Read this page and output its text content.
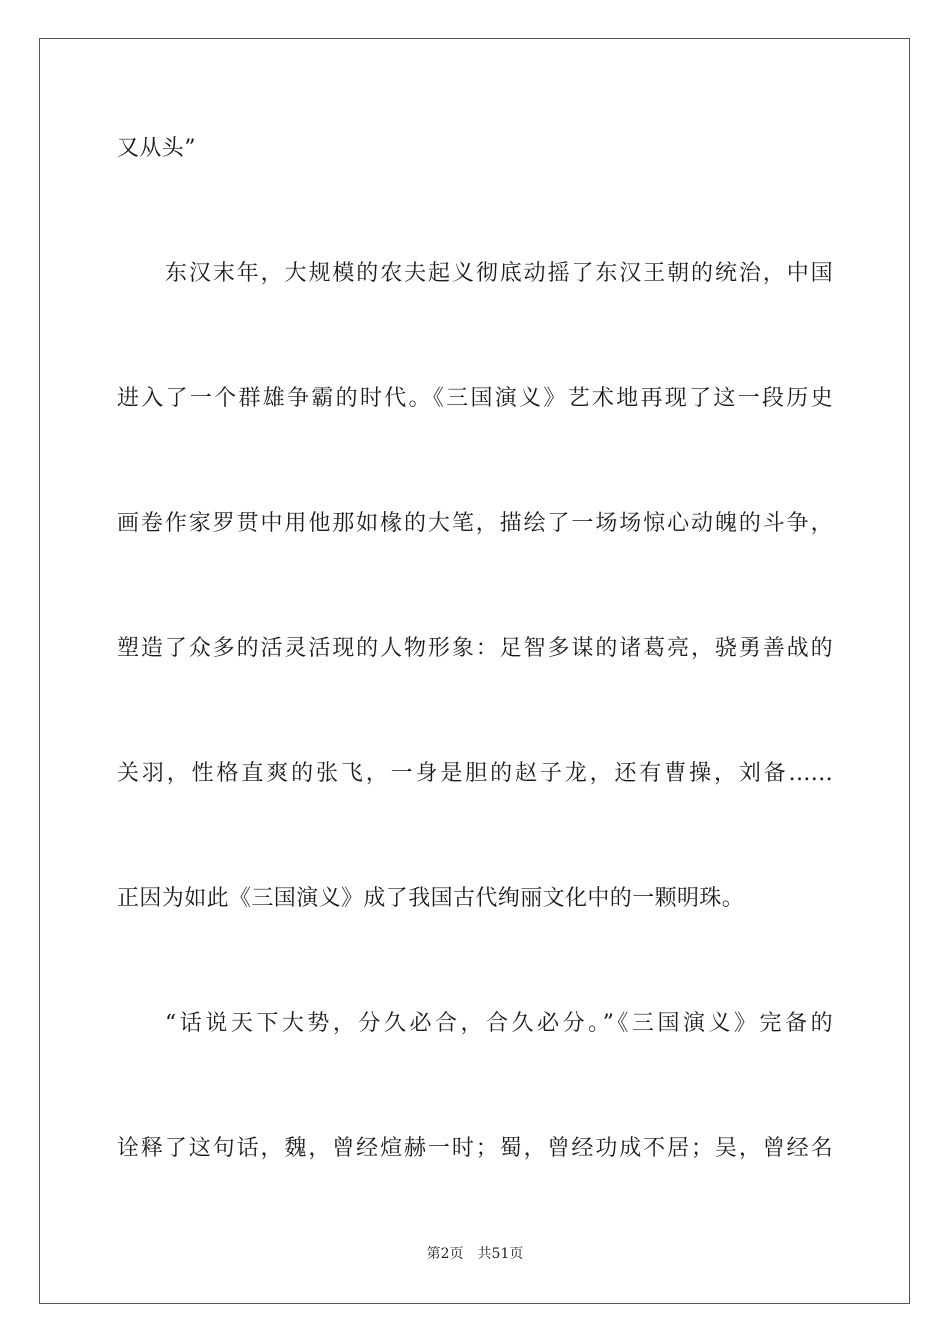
又从头”
东汉末年，大规模的农夫起义彻底动摇了东汉王朝的统治，中国
进入了一个群雄争霸的时代。《三国演义》艺术地再现了这一段历史
画卷作家罗贯中用他那如椽的大笔，描绘了一场场惊心动魄的斗争，
塑造了众多的活灵活现的人物形象：足智多谋的诸葛亮，骁勇善战的
关羽，性格直爽的张飞，一身是胆的赵子龙，还有曹操，刘备......
正因为如此《三国演义》成了我国古代绚丽文化中的一颗明珠。
“话说天下大势，分久必合，合久必分。”《三国演义》完备的
诠释了这句话，魏，曾经煊赫一时；蜀，曾经功成不居；吴，曾经名
第2页 共51页
